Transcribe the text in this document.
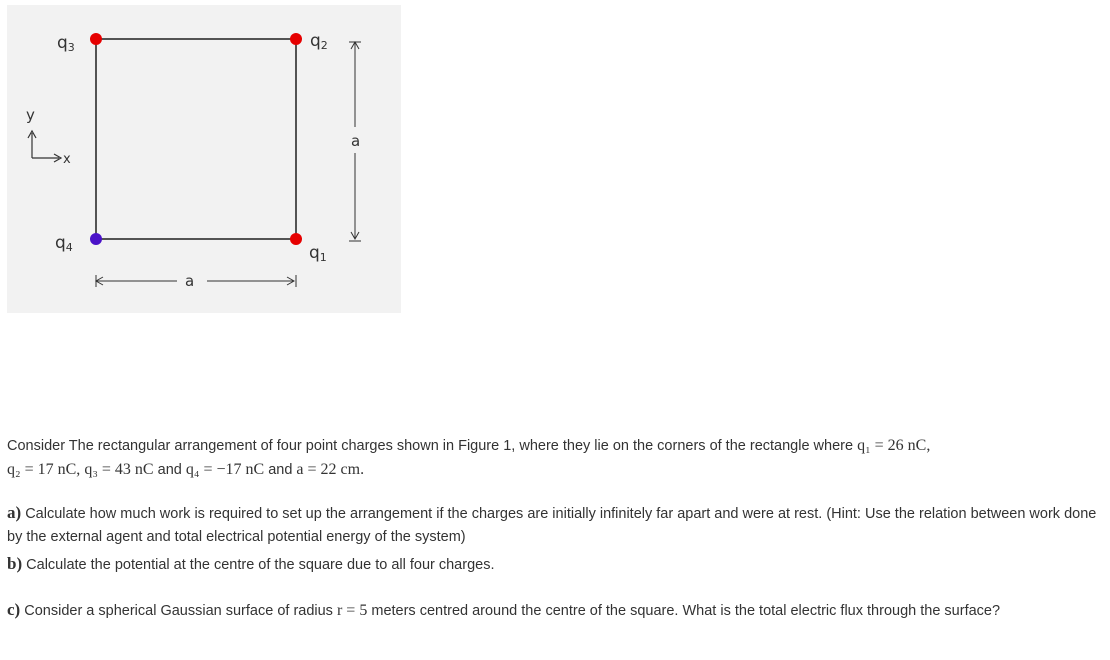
q3	q2
q1
q4
a
a
y
x
Consider The rectangular arrangement of four point charges shown in Figure 1, where they lie on the corners of the rectangle where q₁ = 26 nC,
q₂ = 17 nC, q₃ = 43 nC and q₄ = −17 nC and a = 22 cm.
a) Calculate how much work is required to set up the arrangement if the charges are initially infinitely far apart and were at rest. (Hint: Use the relation between work done by the external agent and total electrical potential energy of the system)
b) Calculate the potential at the centre of the square due to all four charges.
c) Consider a spherical Gaussian surface of radius r = 5 meters centred around the centre of the square. What is the total electric flux through the surface?
